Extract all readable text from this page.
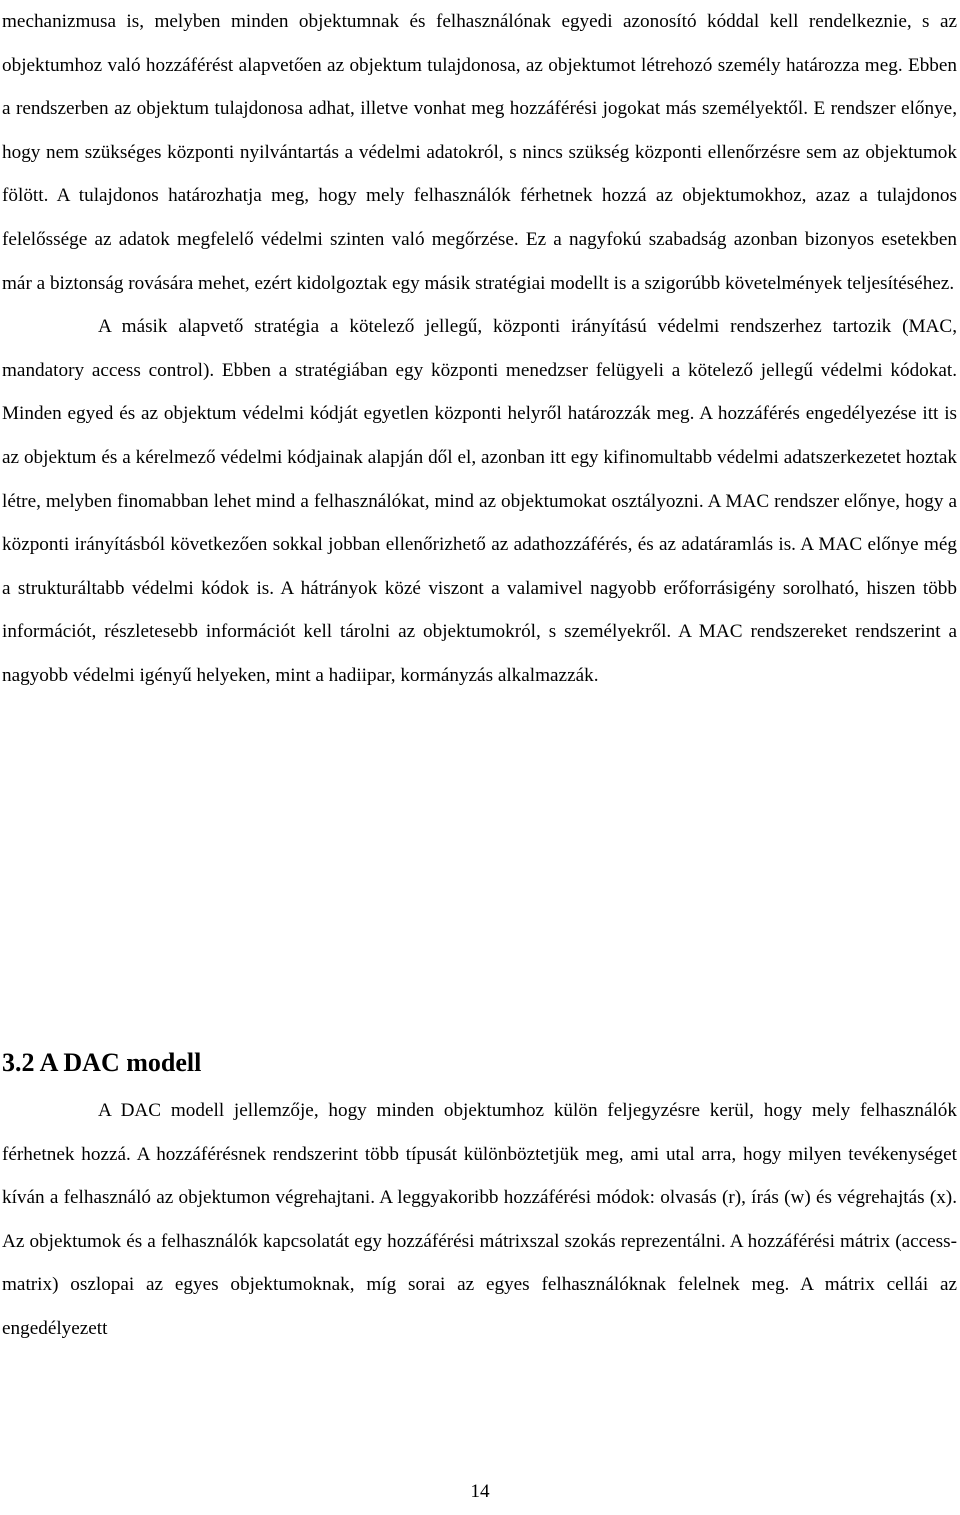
mechanizmusa is, melyben minden objektumnak és felhasználónak egyedi azonosító kóddal kell rendelkeznie, s az objektumhoz való hozzáférést alapvetően az objektum tulajdonosa, az objektumot létrehozó személy határozza meg. Ebben a rendszerben az objektum tulajdonosa adhat, illetve vonhat meg hozzáférési jogokat más személyektől. E rendszer előnye, hogy nem szükséges központi nyilvántartás a védelmi adatokról, s nincs szükség központi ellenőrzésre sem az objektumok fölött. A tulajdonos határozhatja meg, hogy mely felhasználók férhetnek hozzá az objektumokhoz, azaz a tulajdonos felelőssége az adatok megfelelő védelmi szinten való megőrzése. Ez a nagyfokú szabadság azonban bizonyos esetekben már a biztonság rovására mehet, ezért kidolgoztak egy másik stratégiai modellt is a szigorúbb követelmények teljesítéséhez.

A másik alapvető stratégia a kötelező jellegű, központi irányítású védelmi rendszerhez tartozik (MAC, mandatory access control). Ebben a stratégiában egy központi menedzser felügyeli a kötelező jellegű védelmi kódokat. Minden egyed és az objektum védelmi kódját egyetlen központi helyről határozzák meg. A hozzáférés engedélyezése itt is az objektum és a kérelmező védelmi kódjainak alapján dől el, azonban itt egy kifinomultabb védelmi adatszerkezetet hoztak létre, melyben finomabban lehet mind a felhasználókat, mind az objektumokat osztályozni. A MAC rendszer előnye, hogy a központi irányításból következően sokkal jobban ellenőrizhető az adathozzáférés, és az adatáramlás is. A MAC előnye még a strukturáltabb védelmi kódok is. A hátrányok közé viszont a valamivel nagyobb erőforrásigény sorolható, hiszen több információt, részletesebb információt kell tárolni az objektumokról, s személyekről. A MAC rendszereket rendszerint a nagyobb védelmi igényű helyeken, mint a hadiipar, kormányzás alkalmazzák.

3.2 A DAC modell

A DAC modell jellemzője, hogy minden objektumhoz külön feljegyzésre kerül, hogy mely felhasználók férhetnek hozzá. A hozzáférésnek rendszerint több típusát különböztetjük meg, ami utal arra, hogy milyen tevékenységet kíván a felhasználó az objektumon végrehajtani. A leggyakoribb hozzáférési módok: olvasás (r), írás (w) és végrehajtás (x). Az objektumok és a felhasználók kapcsolatát egy hozzáférési mátrixszal szokás reprezentálni. A hozzáférési mátrix (access-matrix) oszlopai az egyes objektumoknak, míg sorai az egyes felhasználóknak felelnek meg. A mátrix cellái az engedélyezett

14
